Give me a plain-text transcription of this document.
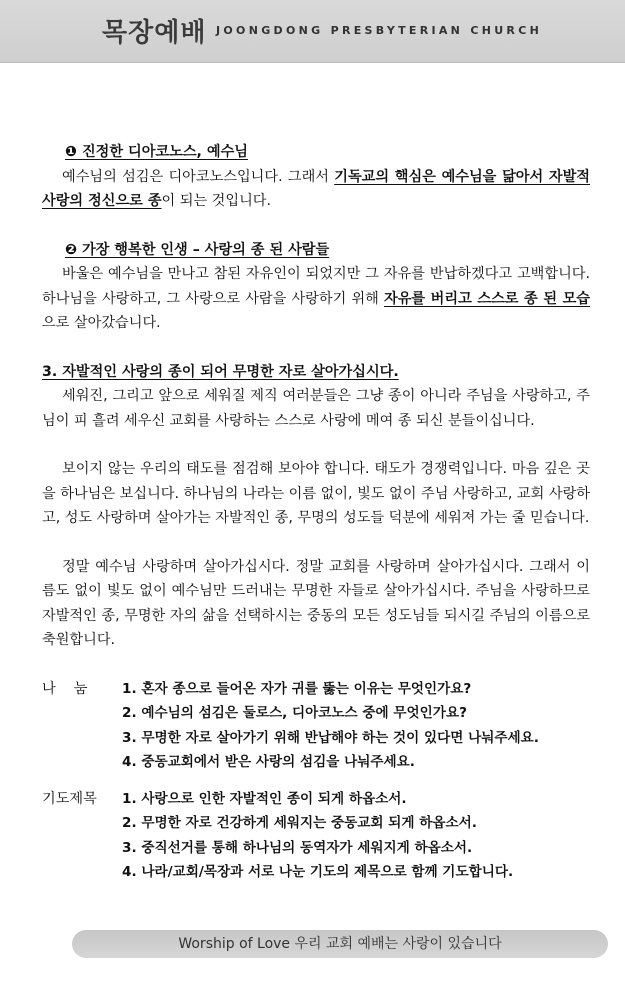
목장예배 JOONGDONG PRESBYTERIAN CHURCH
❶ 진정한 디아코노스, 예수님

예수님의 섬김은 디아코노스입니다. 그래서 기독교의 핵심은 예수님을 닮아서 자발적 사랑의 정신으로 종이 되는 것입니다.

❷ 가장 행복한 인생 – 사랑의 종 된 사람들

바울은 예수님을 만나고 참된 자유인이 되었지만 그 자유를 반납하겠다고 고백합니다. 하나님을 사랑하고, 그 사랑으로 사람을 사랑하기 위해 자유를 버리고 스스로 종 된 모습으로 살아갔습니다.

3. 자발적인 사랑의 종이 되어 무명한 자로 살아가십시다.

세워진, 그리고 앞으로 세워질 제직 여러분들은 그냥 종이 아니라 주님을 사랑하고, 주님이 피 흘려 세우신 교회를 사랑하는 스스로 사랑에 메여 종 되신 분들이십니다.

보이지 않는 우리의 태도를 점검해 보아야 합니다. 태도가 경쟁력입니다. 마음 깊은 곳을 하나님은 보십니다. 하나님의 나라는 이름 없이, 빛도 없이 주님 사랑하고, 교회 사랑하고, 성도 사랑하며 살아가는 자발적인 종, 무명의 성도들 덕분에 세워져 가는 줄 믿습니다.

정말 예수님 사랑하며 살아가십시다. 정말 교회를 사랑하며 살아가십시다. 그래서 이름도 없이 빛도 없이 예수님만 드러내는 무명한 자들로 살아가십시다. 주님을 사랑하므로 자발적인 종, 무명한 자의 삶을 선택하시는 중동의 모든 성도님들 되시길 주님의 이름으로 축원합니다.

나    눔	1. 혼자 종으로 들어온 자가 귀를 뚫는 이유는 무엇인가요?
2. 예수님의 섬김은 둘로스, 디아코노스 중에 무엇인가요?
3. 무명한 자로 살아가기 위해 반납해야 하는 것이 있다면 나눠주세요.
4. 중동교회에서 받은 사랑의 섬김을 나눠주세요.
기도제목	1. 사랑으로 인한 자발적인 종이 되게 하옵소서.
2. 무명한 자로 건강하게 세워지는 중동교회 되게 하옵소서.
3. 중직선거를 통해 하나님의 동역자가 세워지게 하옵소서.
4. 나라/교회/목장과 서로 나눈 기도의 제목으로 함께 기도합니다.
Worship of Love 우리 교회 예배는 사랑이 있습니다
